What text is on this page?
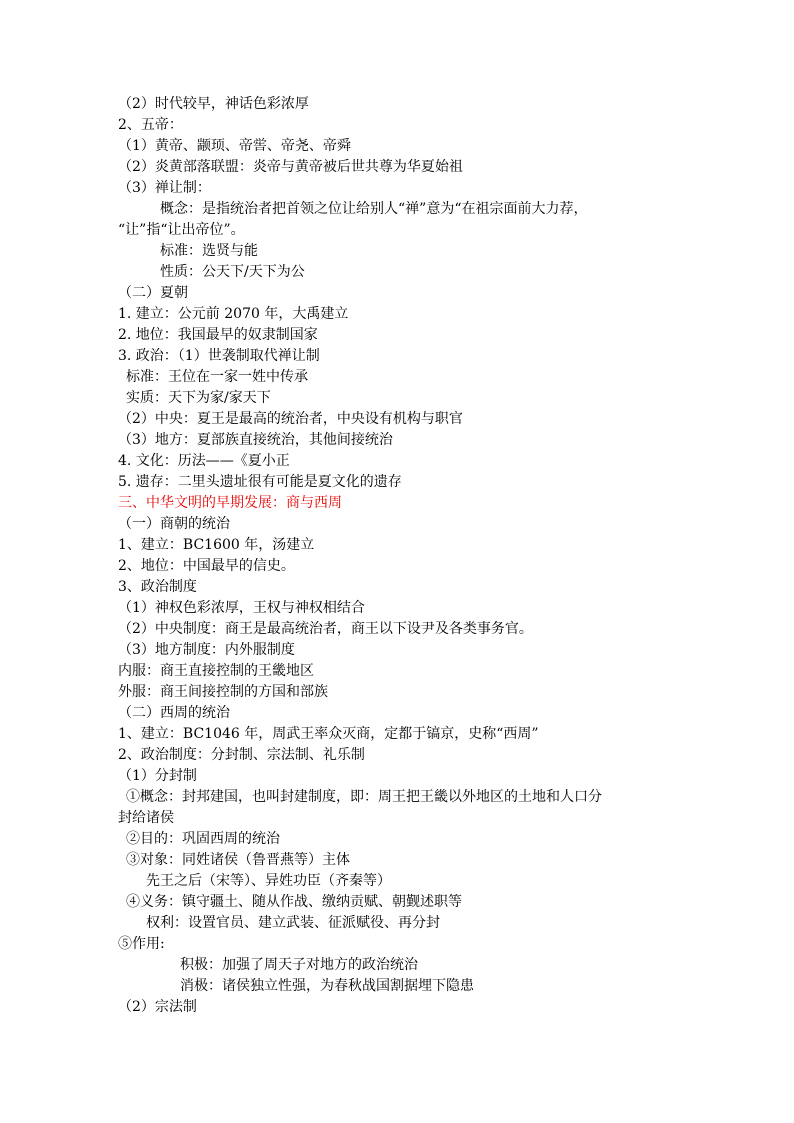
（2）时代较早，神话色彩浓厚
2、五帝：
（1）黄帝、颛顼、帝喾、帝尧、帝舜
（2）炎黄部落联盟：炎帝与黄帝被后世共尊为华夏始祖
（3）禅让制：
概念：是指统治者把首领之位让给别人“禅”意为“在祖宗面前大力荐，
“让”指“让出帝位”。
标准：选贤与能
性质：公天下/天下为公
（二）夏朝
1. 建立：公元前 2070 年，大禹建立
2. 地位：我国最早的奴隶制国家
3. 政治：（1）世袭制取代禅让制
标准：王位在一家一姓中传承
实质：天下为家/家天下
（2）中央：夏王是最高的统治者，中央设有机构与职官
（3）地方：夏部族直接统治，其他间接统治
4. 文化：历法——《夏小正
5. 遗存：二里头遗址很有可能是夏文化的遗存
三、中华文明的早期发展：商与西周
（一）商朝的统治
1、建立：BC1600 年，汤建立
2、地位：中国最早的信史。
3、政治制度
（1）神权色彩浓厚，王权与神权相结合
（2）中央制度：商王是最高统治者，商王以下设尹及各类事务官。
（3）地方制度：内外服制度
内服：商王直接控制的王畿地区
外服：商王间接控制的方国和部族
（二）西周的统治
1、建立：BC1046 年，周武王率众灭商，定都于镐京，史称“西周”
2、政治制度：分封制、宗法制、礼乐制
（1）分封制
①概念：封邦建国，也叫封建制度，即：周王把王畿以外地区的土地和人口分
封给诸侯
②目的：巩固西周的统治
③对象：同姓诸侯（鲁晋燕等）主体
先王之后（宋等）、异姓功臣（齐秦等）
④义务：镇守疆土、随从作战、缴纳贡赋、朝觐述职等
权利：设置官员、建立武装、征派赋役、再分封
⑤作用:
积极：加强了周天子对地方的政治统治
消极：诸侯独立性强，为春秋战国割据埋下隐患
（2）宗法制
